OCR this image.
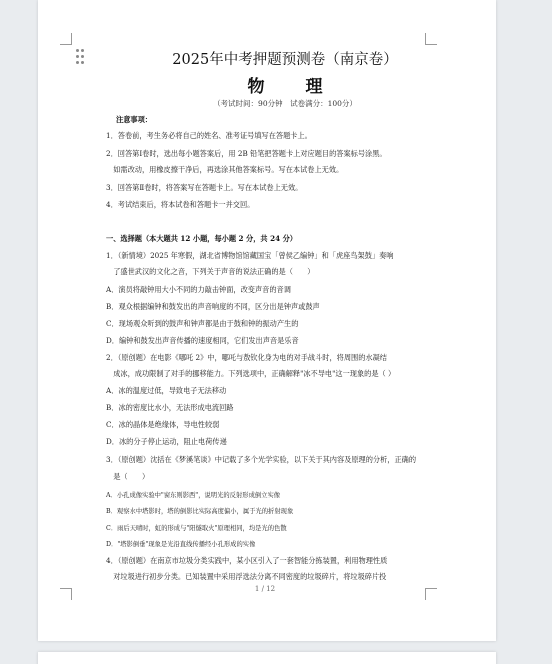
2025年中考押题预测卷（南京卷）
物　理
（考试时间：90分钟　试卷满分：100分）
注意事项：
1．答卷前，考生务必将自己的姓名、准考证号填写在答题卡上。
2．回答第Ⅰ卷时，选出每小题答案后，用 2B 铅笔把答题卡上对应题目的答案标号涂黑。
　如需改动，用橡皮擦干净后，再选涂其他答案标号。写在本试卷上无效。
3．回答第Ⅱ卷时，将答案写在答题卡上。写在本试卷上无效。
4．考试结束后，将本试卷和答题卡一并交回。
一、选择题（本大题共 12 小题，每小题 2 分，共 24 分）
1．（新情境）2025 年寒假，湖北省博物馆馆藏国宝「曾侯乙编钟」和「虎座鸟架鼓」奏响
　了盛世武汉的文化之音，下列关于声音的说法正确的是（　　）
A．演员将敲钟用大小不同的力敲击钟面，改变声音的音调
B．观众根据编钟和鼓发出的声音响度的不同，区分出是钟声或鼓声
C．现场观众听到的鼓声和钟声都是由于鼓和钟的振动产生的
D．编钟和鼓发出声音传播的速度相同，它们发出声音是乐音
2．（原创题）在电影《哪吒 2》中，哪吒与敖钦化身为电的对手战斗时，将周围的水凝结
　成冰，成功限制了对手的挪移能力。下列选项中，正确解释"冰不导电"这一现象的是（ ）
A．冰的温度过低，导致电子无法移动
B．冰的密度比水小，无法形成电流回路
C．冰的晶体是绝缘体，导电性较弱
D．冰的分子停止运动，阻止电荷传递
3．（原创题）沈括在《梦溪笔谈》中记载了多个光学实验，以下关于其内容及原理的分析，正确的
　是（　　）
A．小孔成像实验中"窗东则影西"，说明光的反射形成倒立实像
B．观察水中塔影时，塔的倒影比实际高度偏小，属于光的折射现象
C．雨后天晴时，虹的形成与"阳燧取火"原理相同，均是光的色散
D．"塔影倒垂"现象是光沿直线传播经小孔形成的实像
4．（原创题）在南京市垃圾分类实践中，某小区引入了一套智能分拣装置，利用物理性质
　对垃圾进行初步分类。已知装置中采用浮选法分离不同密度的垃圾碎片，将垃圾碎片投
1 / 12
